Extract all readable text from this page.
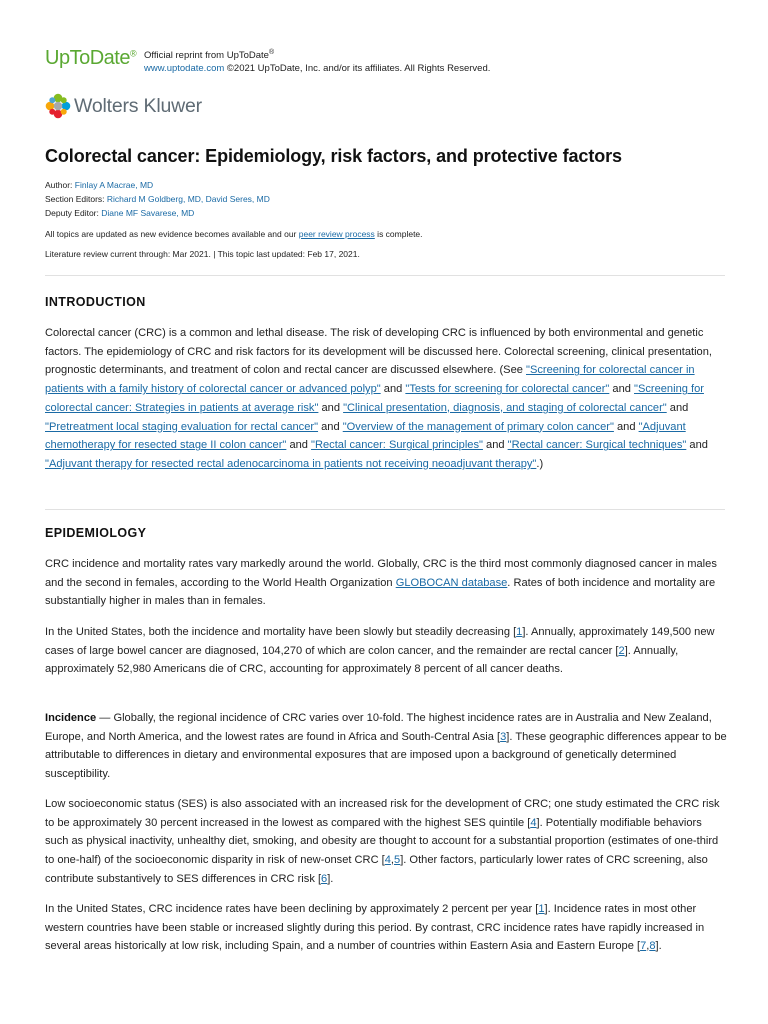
UpToDate® Official reprint from UpToDate®
www.uptodate.com ©2021 UpToDate, Inc. and/or its affiliates. All Rights Reserved.
Wolters Kluwer
Colorectal cancer: Epidemiology, risk factors, and protective factors
Author: Finlay A Macrae, MD
Section Editors: Richard M Goldberg, MD, David Seres, MD
Deputy Editor: Diane MF Savarese, MD
All topics are updated as new evidence becomes available and our peer review process is complete.
Literature review current through: Mar 2021. | This topic last updated: Feb 17, 2021.
INTRODUCTION

Colorectal cancer (CRC) is a common and lethal disease. The risk of developing CRC is influenced by both environmental and genetic factors. The epidemiology of CRC and risk factors for its development will be discussed here. Colorectal screening, clinical presentation, prognostic determinants, and treatment of colon and rectal cancer are discussed elsewhere. (See "Screening for colorectal cancer in patients with a family history of colorectal cancer or advanced polyp" and "Tests for screening for colorectal cancer" and "Screening for colorectal cancer: Strategies in patients at average risk" and "Clinical presentation, diagnosis, and staging of colorectal cancer" and "Pretreatment local staging evaluation for rectal cancer" and "Overview of the management of primary colon cancer" and "Adjuvant chemotherapy for resected stage II colon cancer" and "Rectal cancer: Surgical principles" and "Rectal cancer: Surgical techniques" and "Adjuvant therapy for resected rectal adenocarcinoma in patients not receiving neoadjuvant therapy".)

EPIDEMIOLOGY

CRC incidence and mortality rates vary markedly around the world. Globally, CRC is the third most commonly diagnosed cancer in males and the second in females, according to the World Health Organization GLOBOCAN database. Rates of both incidence and mortality are substantially higher in males than in females.

In the United States, both the incidence and mortality have been slowly but steadily decreasing [1]. Annually, approximately 149,500 new cases of large bowel cancer are diagnosed, 104,270 of which are colon cancer, and the remainder are rectal cancer [2]. Annually, approximately 52,980 Americans die of CRC, accounting for approximately 8 percent of all cancer deaths.

Incidence — Globally, the regional incidence of CRC varies over 10-fold. The highest incidence rates are in Australia and New Zealand, Europe, and North America, and the lowest rates are found in Africa and South-Central Asia [3]. These geographic differences appear to be attributable to differences in dietary and environmental exposures that are imposed upon a background of genetically determined susceptibility.

Low socioeconomic status (SES) is also associated with an increased risk for the development of CRC; one study estimated the CRC risk to be approximately 30 percent increased in the lowest as compared with the highest SES quintile [4]. Potentially modifiable behaviors such as physical inactivity, unhealthy diet, smoking, and obesity are thought to account for a substantial proportion (estimates of one-third to one-half) of the socioeconomic disparity in risk of new-onset CRC [4,5]. Other factors, particularly lower rates of CRC screening, also contribute substantively to SES differences in CRC risk [6].

In the United States, CRC incidence rates have been declining by approximately 2 percent per year [1]. Incidence rates in most other western countries have been stable or increased slightly during this period. By contrast, CRC incidence rates have rapidly increased in several areas historically at low risk, including Spain, and a number of countries within Eastern Asia and Eastern Europe [7,8].
